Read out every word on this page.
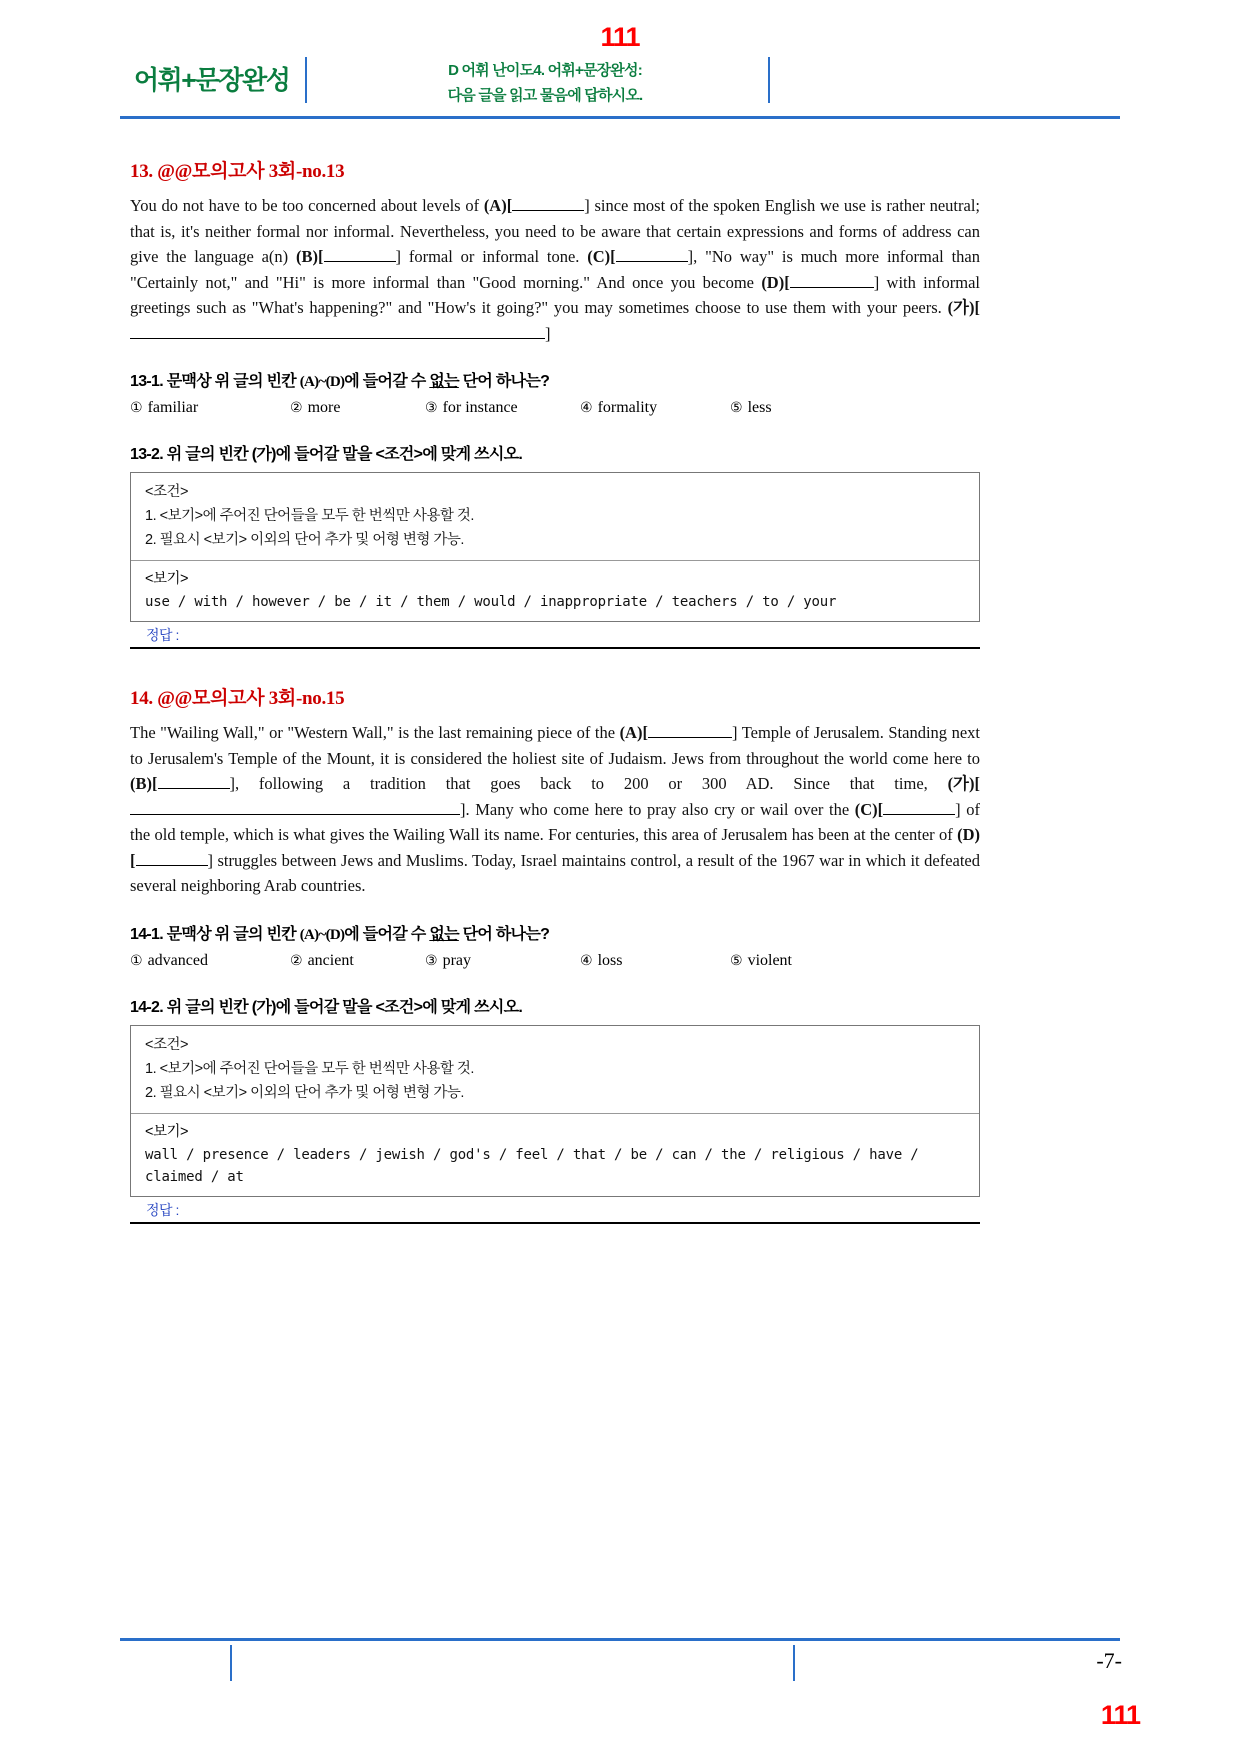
111
어휘+문장완성	D 어휘 난이도4. 어휘+문장완성:
다음 글을 읽고 물음에 답하시오.
13. @@모의고사 3회-no.13

You do not have to be too concerned about levels of (A)[	] since most of the spoken English we use is rather neutral; that is, it's neither formal nor informal. Nevertheless, you need to be aware that certain expressions and forms of address can give the language a(n) (B)[	] formal or informal tone. (C)[	], "No way" is much more informal than "Certainly not," and "Hi" is more informal than "Good morning." And once you become (D)[	] with informal greetings such as "What's happening?" and "How's it going?" you may sometimes choose to use them with your peers. (가)[]

13-1. 문맥상 위 글의 빈칸 (A)~(D)에 들어갈 수 없는 단어 하나는?
① familiar	② more	③ for instance	④ formality	⑤ less
13-2. 위 글의 빈칸 (가)에 들어갈 말을 <조건>에 맞게 쓰시오.
<조건>
1. <보기>에 주어진 단어들을 모두 한 번씩만 사용할 것.
2. 필요시 <보기> 이외의 단어 추가 및 어형 변형 가능.
<보기>
use / with / however / be / it / them / would / inappropriate / teachers / to / your
정답 :
14. @@모의고사 3회-no.15

The "Wailing Wall," or "Western Wall," is the last remaining piece of the (A)[	] Temple of Jerusalem. Standing next to Jerusalem's Temple of the Mount, it is considered the holiest site of Judaism. Jews from throughout the world come here to (B)[	], following a tradition that goes back to 200 or 300 AD. Since that time, (가)[]. Many who come here to pray also cry or wail over the (C)[	] of the old temple, which is what gives the Wailing Wall its name. For centuries, this area of Jerusalem has been at the center of (D)[	] struggles between Jews and Muslims. Today, Israel maintains control, a result of the 1967 war in which it defeated several neighboring Arab countries.

14-1. 문맥상 위 글의 빈칸 (A)~(D)에 들어갈 수 없는 단어 하나는?
① advanced	② ancient	③ pray	④ loss	⑤ violent
14-2. 위 글의 빈칸 (가)에 들어갈 말을 <조건>에 맞게 쓰시오.
<조건>
1. <보기>에 주어진 단어들을 모두 한 번씩만 사용할 것.
2. 필요시 <보기> 이외의 단어 추가 및 어형 변형 가능.
<보기>
wall / presence / leaders / jewish / god's / feel / that / be / can / the / religious / have / claimed / at
정답 :
-7-
111
